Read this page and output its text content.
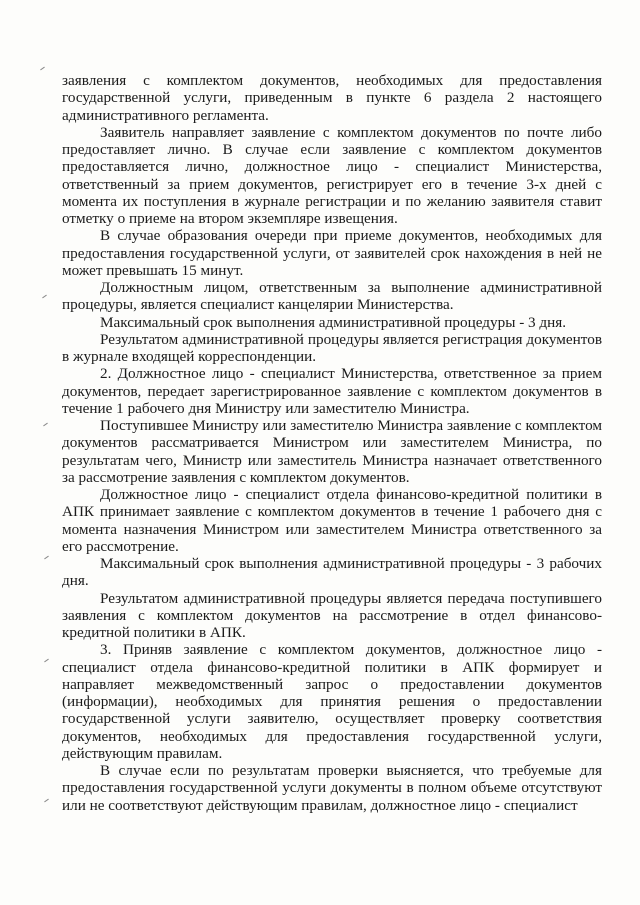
заявления с комплектом документов, необходимых для предоставления государственной услуги, приведенным в пункте 6 раздела 2 настоящего административного регламента.

Заявитель направляет заявление с комплектом документов по почте либо предоставляет лично. В случае если заявление с комплектом документов предоставляется лично, должностное лицо - специалист Министерства, ответственный за прием документов, регистрирует его в течение 3-х дней с момента их поступления в журнале регистрации и по желанию заявителя ставит отметку о приеме на втором экземпляре извещения.

В случае образования очереди при приеме документов, необходимых для предоставления государственной услуги, от заявителей срок нахождения в ней не может превышать 15 минут.

Должностным лицом, ответственным за выполнение административной процедуры, является специалист канцелярии Министерства.

Максимальный срок выполнения административной процедуры - 3 дня.

Результатом административной процедуры является регистрация документов в журнале входящей корреспонденции.

2. Должностное лицо - специалист Министерства, ответственное за прием документов, передает зарегистрированное заявление с комплектом документов в течение 1 рабочего дня Министру или заместителю Министра.

Поступившее Министру или заместителю Министра заявление с комплектом документов рассматривается Министром или заместителем Министра, по результатам чего, Министр или заместитель Министра назначает ответственного за рассмотрение заявления с комплектом документов.

Должностное лицо - специалист отдела финансово-кредитной политики в АПК принимает заявление с комплектом документов в течение 1 рабочего дня с момента назначения Министром или заместителем Министра ответственного за его рассмотрение.

Максимальный срок выполнения административной процедуры - 3 рабочих дня.

Результатом административной процедуры является передача поступившего заявления с комплектом документов на рассмотрение в отдел финансово-кредитной политики в АПК.

3. Приняв заявление с комплектом документов, должностное лицо - специалист отдела финансово-кредитной политики в АПК формирует и направляет межведомственный запрос о предоставлении документов (информации), необходимых для принятия решения о предоставлении государственной услуги заявителю, осуществляет проверку соответствия документов, необходимых для предоставления государственной услуги, действующим правилам.

В случае если по результатам проверки выясняется, что требуемые для предоставления государственной услуги документы в полном объеме отсутствуют или не соответствуют действующим правилам, должностное лицо - специалист
